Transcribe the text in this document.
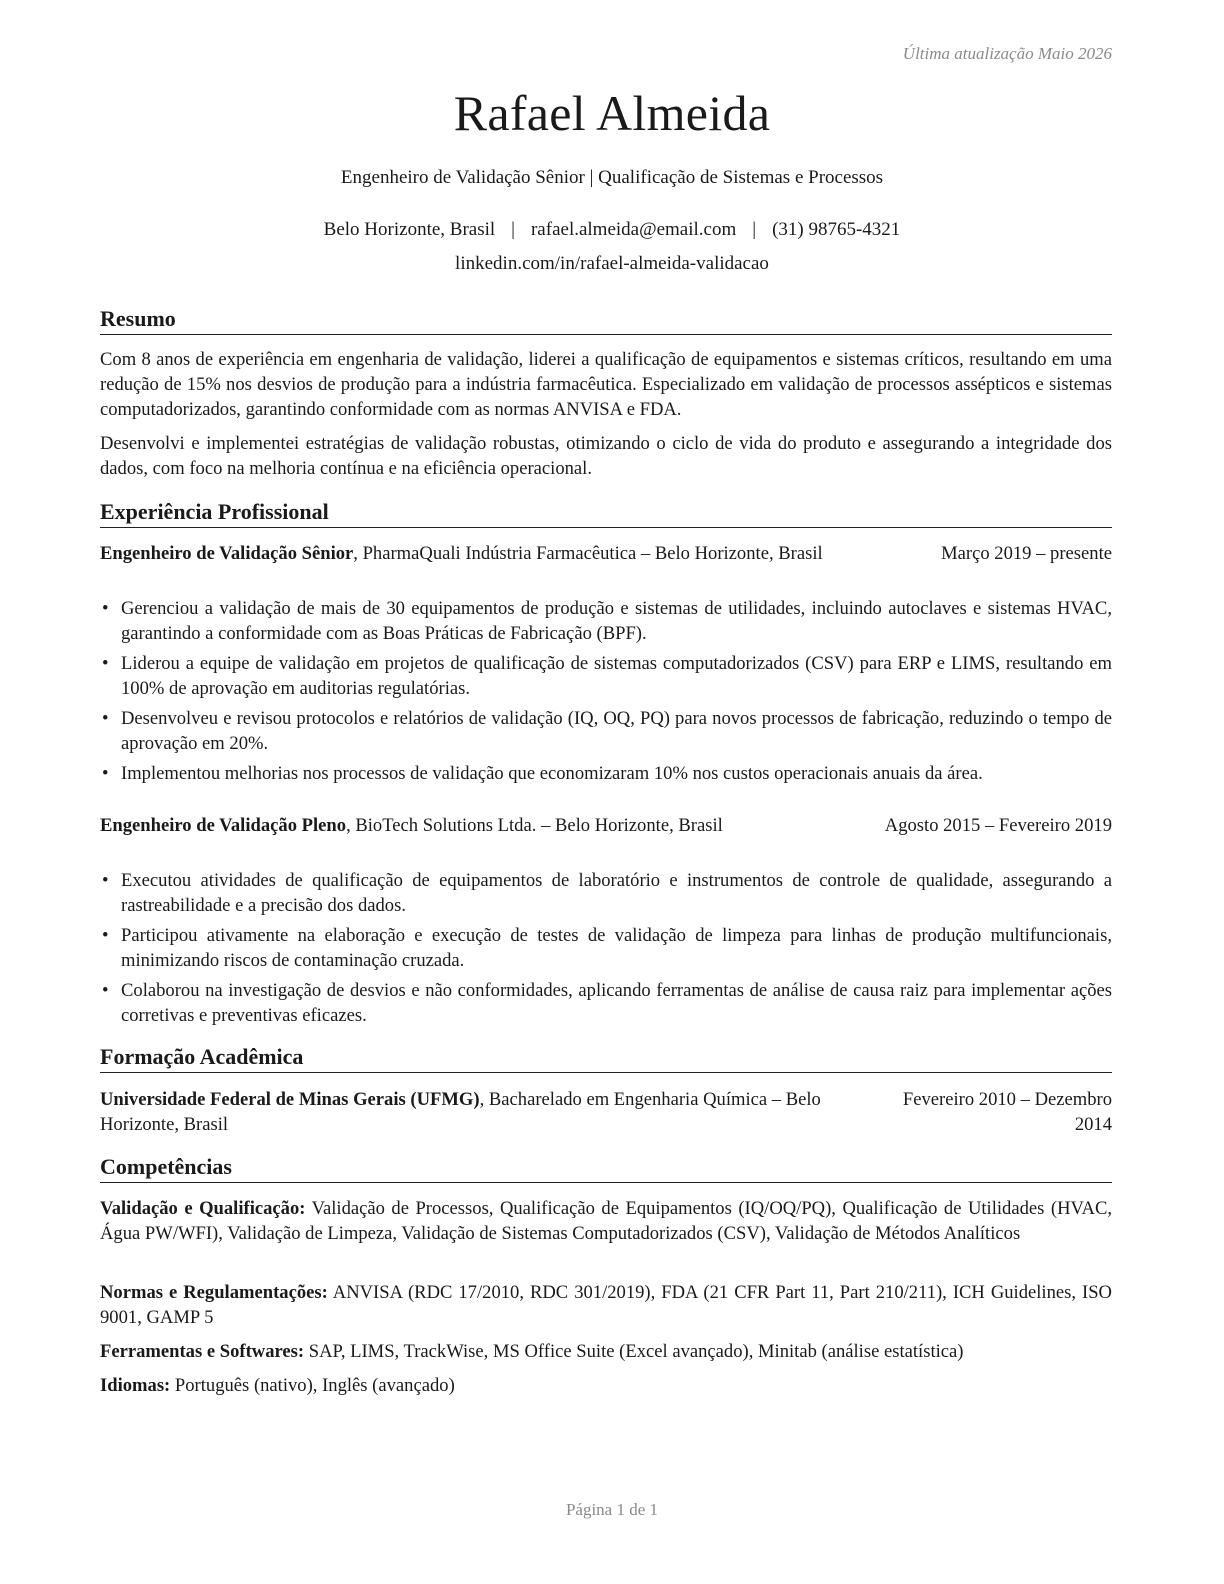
Última atualização Maio 2026
Rafael Almeida
Engenheiro de Validação Sênior | Qualificação de Sistemas e Processos
Belo Horizonte, Brasil | rafael.almeida@email.com | (31) 98765-4321
linkedin.com/in/rafael-almeida-validacao
Resumo
Com 8 anos de experiência em engenharia de validação, liderei a qualificação de equipamentos e sistemas críticos, resultando em uma redução de 15% nos desvios de produção para a indústria farmacêutica. Especializado em validação de processos assépticos e sistemas computadorizados, garantindo conformidade com as normas ANVISA e FDA.
Desenvolvi e implementei estratégias de validação robustas, otimizando o ciclo de vida do produto e assegurando a integridade dos dados, com foco na melhoria contínua e na eficiência operacional.
Experiência Profissional
Engenheiro de Validação Sênior, PharmaQuali Indústria Farmacêutica – Belo Horizonte, Brasil	Março 2019 – presente
• Gerenciou a validação de mais de 30 equipamentos de produção e sistemas de utilidades, incluindo autoclaves e sistemas HVAC, garantindo a conformidade com as Boas Práticas de Fabricação (BPF).
• Liderou a equipe de validação em projetos de qualificação de sistemas computadorizados (CSV) para ERP e LIMS, resultando em 100% de aprovação em auditorias regulatórias.
• Desenvolveu e revisou protocolos e relatórios de validação (IQ, OQ, PQ) para novos processos de fabricação, reduzindo o tempo de aprovação em 20%.
• Implementou melhorias nos processos de validação que economizaram 10% nos custos operacionais anuais da área.
Engenheiro de Validação Pleno, BioTech Solutions Ltda. – Belo Horizonte, Brasil	Agosto 2015 – Fevereiro 2019
• Executou atividades de qualificação de equipamentos de laboratório e instrumentos de controle de qualidade, assegurando a rastreabilidade e a precisão dos dados.
• Participou ativamente na elaboração e execução de testes de validação de limpeza para linhas de produção multifuncionais, minimizando riscos de contaminação cruzada.
• Colaborou na investigação de desvios e não conformidades, aplicando ferramentas de análise de causa raiz para implementar ações corretivas e preventivas eficazes.
Formação Acadêmica
Universidade Federal de Minas Gerais (UFMG), Bacharelado em Engenharia Química – Belo Horizonte, Brasil
Fevereiro 2010 – Dezembro 2014
Competências
Validação e Qualificação: Validação de Processos, Qualificação de Equipamentos (IQ/OQ/PQ), Qualificação de Utilidades (HVAC, Água PW/WFI), Validação de Limpeza, Validação de Sistemas Computadorizados (CSV), Validação de Métodos Analíticos
Normas e Regulamentações: ANVISA (RDC 17/2010, RDC 301/2019), FDA (21 CFR Part 11, Part 210/211), ICH Guidelines, ISO 9001, GAMP 5
Ferramentas e Softwares: SAP, LIMS, TrackWise, MS Office Suite (Excel avançado), Minitab (análise estatística)
Idiomas: Português (nativo), Inglês (avançado)
Página 1 de 1
